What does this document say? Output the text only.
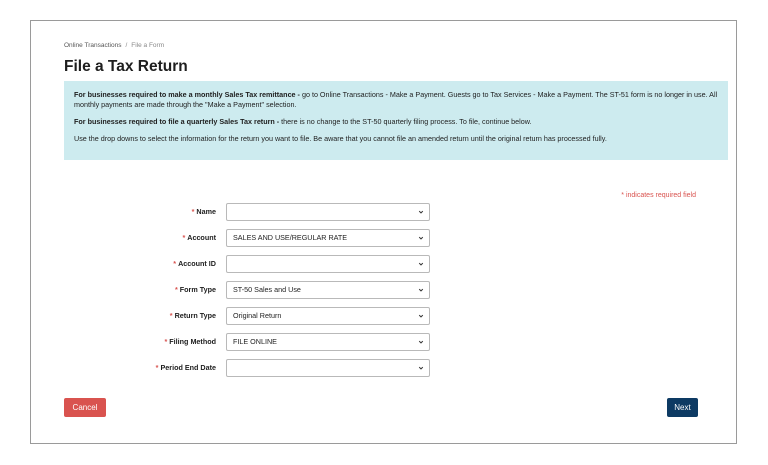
Online Transactions / File a Form
File a Tax Return

For businesses required to make a monthly Sales Tax remittance - go to Online Transactions - Make a Payment. Guests go to Tax Services - Make a Payment. The ST-51 form is no longer in use. All monthly payments are made through the "Make a Payment" selection.

For businesses required to file a quarterly Sales Tax return - there is no change to the ST-50 quarterly filing process. To file, continue below.

Use the drop downs to select the information for the return you want to file. Be aware that you cannot file an amended return until the original return has processed fully.

* indicates required field
* Name
* Account	SALES AND USE/REGULAR RATE
* Account ID
* Form Type	ST-50 Sales and Use
* Return Type	Original Return
* Filing Method	FILE ONLINE
* Period End Date
Cancel	Next
